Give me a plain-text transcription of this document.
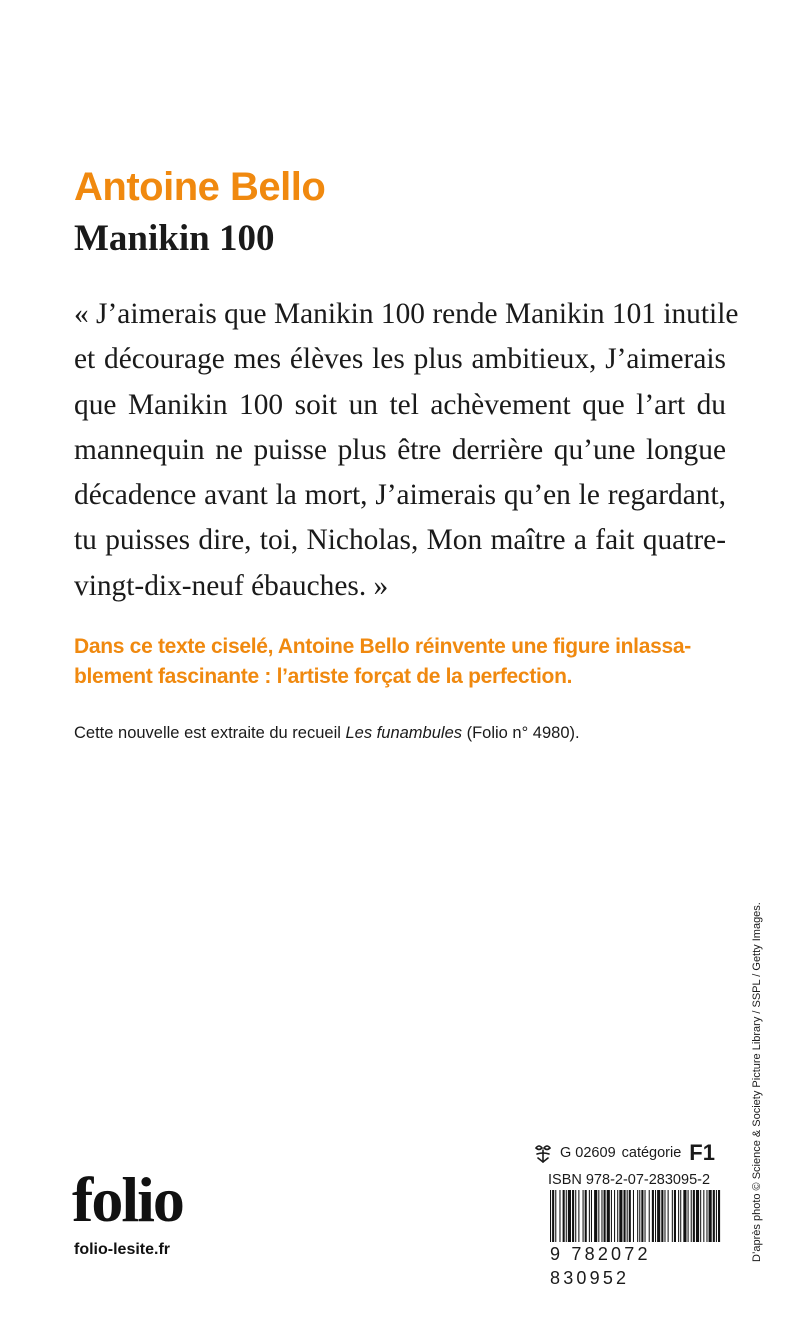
Antoine Bello
Manikin 100

« J’aimerais que Manikin 100 rende Manikin 101 inutile
et décourage mes élèves les plus ambitieux, J’aimerais
que Manikin 100 soit un tel achèvement que l’art du
mannequin ne puisse plus être derrière qu’une longue
décadence avant la mort, J’aimerais qu’en le regardant,
tu puisses dire, toi, Nicholas, Mon maître a fait quatre-
vingt-dix-neuf ébauches. »

Dans ce texte ciselé, Antoine Bello réinvente une figure inlassa-
blement fascinante : l’artiste forçat de la perfection.

Cette nouvelle est extraite du recueil Les funambules (Folio n° 4980).

folio
folio-lesite.fr
G 02609 catégorie F1
ISBN 978-2-07-283095-2
9 782072 830952
D’après photo © Science & Society Picture Library / SSPL / Getty Images.
